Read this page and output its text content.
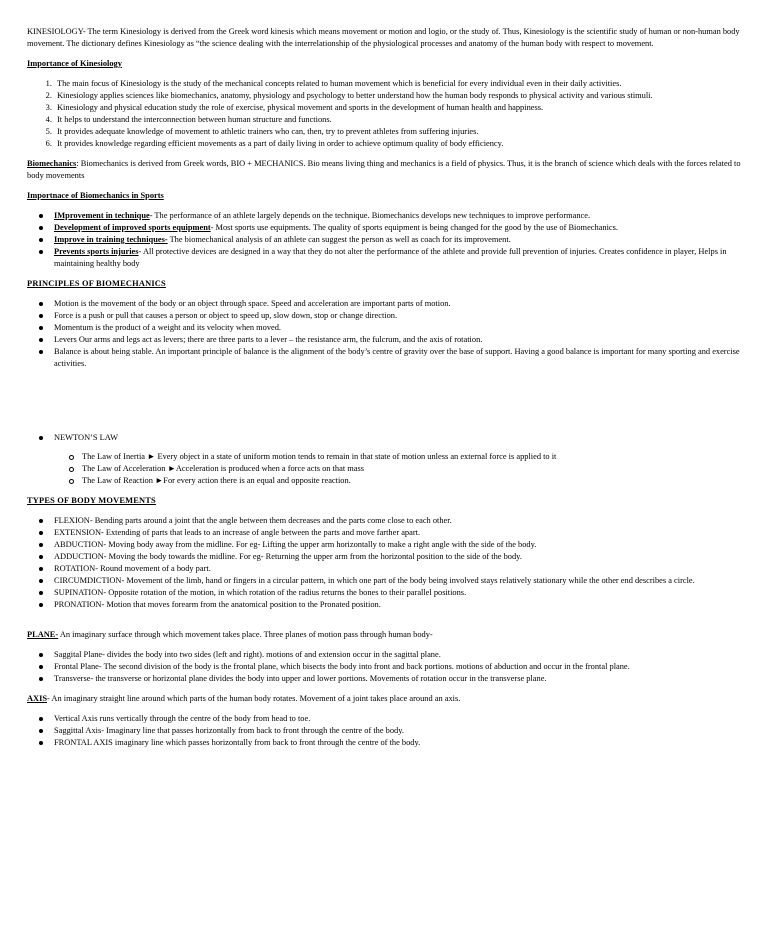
KINESIOLOGY- The term Kinesiology is derived from the Greek word kinesis which means movement or motion and logio, or the study of. Thus, Kinesiology is the scientific study of human or non-human body movement. The dictionary defines Kinesiology as “the science dealing with the interrelationship of the physiological processes and anatomy of the human body with respect to movement.

Importance of Kinesiology

1. The main focus of Kinesiology is the study of the mechanical concepts related to human movement which is beneficial for every individual even in their daily activities.
2. Kinesiology applies sciences like biomechanics, anatomy, physiology and psychology to better understand how the human body responds to physical activity and various stimuli.
3. Kinesiology and physical education study the role of exercise, physical movement and sports in the development of human health and happiness.
4. It helps to understand the interconnection between human structure and functions.
5. It provides adequate knowledge of movement to athletic trainers who can, then, try to prevent athletes from suffering injuries.
6. It provides knowledge regarding efficient movements as a part of daily living in order to achieve optimum quality of body efficiency.

Biomechanics: Biomechanics is derived from Greek words, BIO + MECHANICS. Bio means living thing and mechanics is a field of physics. Thus, it is the branch of science which deals with the forces related to body movements

Importnace of Biomechanics in Sports

IMprovement in technique- The performance of an athlete largely depends on the technique. Biomechanics develops new techniques to improve performance.
Development of improved sports equipment- Most sports use equipments. The quality of sports equipment is being changed for the good by the use of Biomechanics.
Improve in training techniques- The biomechanical analysis of an athlete can suggest the person as well as coach for its improvement.
Prevents sports injuries- All protective devices are designed in a way that they do not alter the performance of the athlete and provide full prevention of injuries. Creates confidence in player, Helps in maintaining healthy body

PRINCIPLES OF BIOMECHANICS

Motion is the movement of the body or an object through space. Speed and acceleration are important parts of motion.
Force is a push or pull that causes a person or object to speed up, slow down, stop or change direction.
Momentum is the product of a weight and its velocity when moved.
Levers Our arms and legs act as levers; there are three parts to a lever – the resistance arm, the fulcrum, and the axis of rotation.
Balance is about being stable. An important principle of balance is the alignment of the body’s centre of gravity over the base of support. Having a good balance is important for many sporting and exercise activities.
NEWTON’S LAW
The Law of Inertia ► Every object in a state of uniform motion tends to remain in that state of motion unless an external force is applied to it
The Law of Acceleration ►Acceleration is produced when a force acts on that mass
The Law of Reaction ►For every action there is an equal and opposite reaction.

TYPES OF BODY MOVEMENTS

FLEXION- Bending parts around a joint that the angle between them decreases and the parts come close to each other.
EXTENSION- Extending of parts that leads to an increase of angle between the parts and move farther apart.
ABDUCTION- Moving body away from the midline. For eg- Lifting the upper arm horizontally to make a right angle with the side of the body.
ADDUCTION- Moving the body towards the midline. For eg- Returning the upper arm from the horizontal position to the side of the body.
ROTATION- Round movement of a body part.
CIRCUMDICTION- Movement of the limb, hand or fingers in a circular pattern, in which one part of the body being involved stays relatively stationary while the other end describes a circle.
SUPINATION- Opposite rotation of the motion, in which rotation of the radius returns the bones to their parallel positions.
PRONATION- Motion that moves forearm from the anatomical position to the Pronated position.

PLANE- An imaginary surface through which movement takes place. Three planes of motion pass through human body-

Saggital Plane- divides the body into two sides (left and right). motions of and extension occur in the sagittal plane.
Frontal Plane- The second division of the body is the frontal plane, which bisects the body into front and back portions. motions of abduction and occur in the frontal plane.
Transverse- the transverse or horizontal plane divides the body into upper and lower portions. Movements of rotation occur in the transverse plane.

AXIS- An imaginary straight line around which parts of the human body rotates. Movement of a joint takes place around an axis.

Vertical Axis runs vertically through the centre of the body from head to toe.
Saggittal Axis- Imaginary line that passes horizontally from back to front through the centre of the body.
FRONTAL AXIS imaginary line which passes horizontally from back to front through the centre of the body.
